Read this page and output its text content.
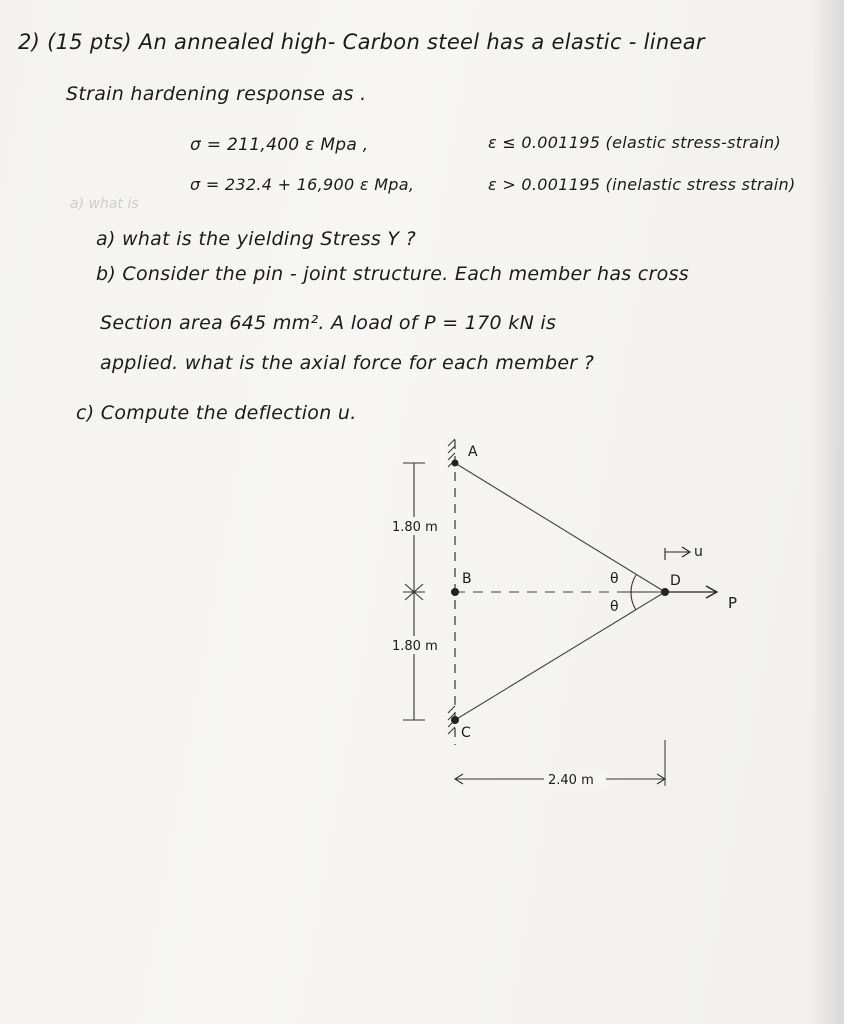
2) (15 pts) An annealed high- Carbon steel has a elastic - linear
Strain hardening response as .
σ = 211,400 ε Mpa ,	ε ≤ 0.001195 (elastic stress-strain)
σ = 232.4 + 16,900 ε Mpa,	ε > 0.001195 (inelastic stress strain)
a) what is
a) what is the yielding Stress Y ?
b) Consider the pin - joint structure. Each member has cross
Section area 645 mm². A load of P = 170 kN is
applied. what is the axial force for each member ?
c) Compute the deflection u.
A
B
C
D
θ
θ
u
P
1.80 m
1.80 m
2.40 m
